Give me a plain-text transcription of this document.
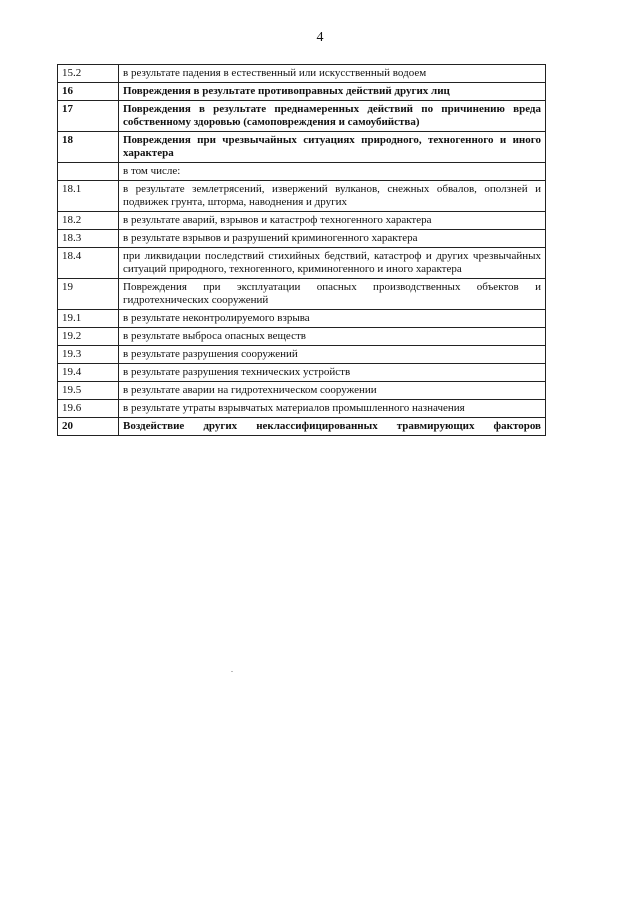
4
15.2	в результате падения в естественный или искусственный водоем
16	Повреждения в результате противоправных действий других лиц
17	Повреждения в результате преднамеренных действий по причинению вреда собственному здоровью (самоповреждения и самоубийства)
18	Повреждения при чрезвычайных ситуациях природного, техногенного и иного характера
	в том числе:
18.1	в результате землетрясений, извержений вулканов, снежных обвалов, оползней и подвижек грунта, шторма, наводнения и других
18.2	в результате аварий, взрывов и катастроф техногенного характера
18.3	в результате взрывов и разрушений криминогенного характера
18.4	при ликвидации последствий стихийных бедствий, катастроф и других чрезвычайных ситуаций природного, техногенного, криминогенного и иного характера
19	Повреждения при эксплуатации опасных производственных объектов и гидротехнических сооружений
19.1	в результате неконтролируемого взрыва
19.2	в результате выброса опасных веществ
19.3	в результате разрушения сооружений
19.4	в результате разрушения технических устройств
19.5	в результате аварии на гидротехническом сооружении
19.6	в результате утраты взрывчатых материалов промышленного назначения
20	Воздействие других неклассифицированных травмирующих факторов
